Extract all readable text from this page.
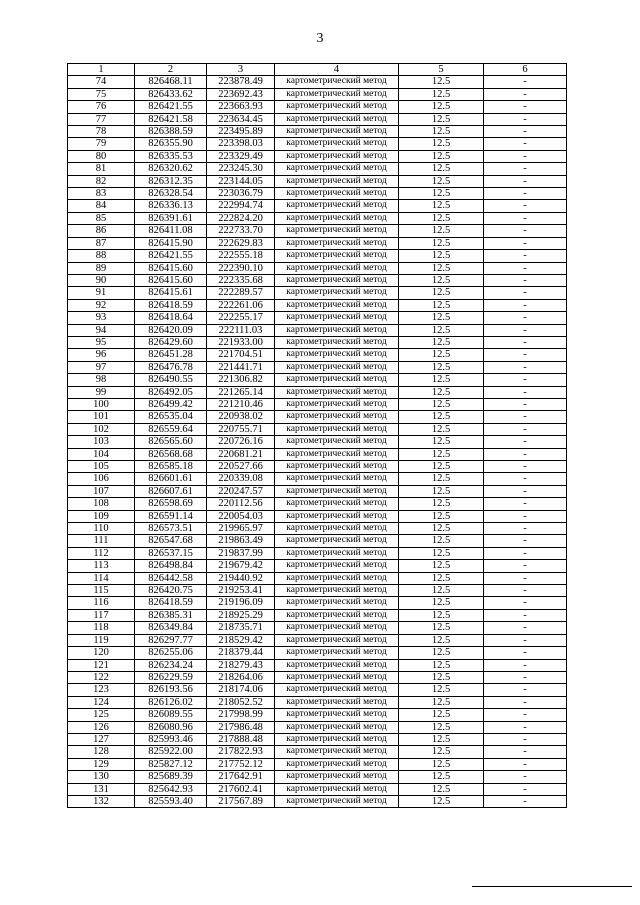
3
1	2	3	4	5	6
74	826468.11	223878.49	картометрический метод	12.5	-
75	826433.62	223692.43	картометрический метод	12.5	-
76	826421.55	223663.93	картометрический метод	12.5	-
77	826421.58	223634.45	картометрический метод	12.5	-
78	826388.59	223495.89	картометрический метод	12.5	-
79	826355.90	223398.03	картометрический метод	12.5	-
80	826335.53	223329.49	картометрический метод	12.5	-
81	826320.62	223245.30	картометрический метод	12.5	-
82	826312.35	223144.05	картометрический метод	12.5	-
83	826328.54	223036.79	картометрический метод	12.5	-
84	826336.13	222994.74	картометрический метод	12.5	-
85	826391.61	222824.20	картометрический метод	12.5	-
86	826411.08	222733.70	картометрический метод	12.5	-
87	826415.90	222629.83	картометрический метод	12.5	-
88	826421.55	222555.18	картометрический метод	12.5	-
89	826415.60	222390.10	картометрический метод	12.5	-
90	826415.60	222335.68	картометрический метод	12.5	-
91	826415.61	222289.57	картометрический метод	12.5	-
92	826418.59	222261.06	картометрический метод	12.5	-
93	826418.64	222255.17	картометрический метод	12.5	-
94	826420.09	222111.03	картометрический метод	12.5	-
95	826429.60	221933.00	картометрический метод	12.5	-
96	826451.28	221704.51	картометрический метод	12.5	-
97	826476.78	221441.71	картометрический метод	12.5	-
98	826490.55	221306.82	картометрический метод	12.5	-
99	826492.05	221265.14	картометрический метод	12.5	-
100	826499.42	221210.46	картометрический метод	12.5	-
101	826535.04	220938.02	картометрический метод	12.5	-
102	826559.64	220755.71	картометрический метод	12.5	-
103	826565.60	220726.16	картометрический метод	12.5	-
104	826568.68	220681.21	картометрический метод	12.5	-
105	826585.18	220527.66	картометрический метод	12.5	-
106	826601.61	220339.08	картометрический метод	12.5	-
107	826607.61	220247.57	картометрический метод	12.5	-
108	826598.69	220112.56	картометрический метод	12.5	-
109	826591.14	220054.03	картометрический метод	12.5	-
110	826573.51	219965.97	картометрический метод	12.5	-
111	826547.68	219863.49	картометрический метод	12.5	-
112	826537.15	219837.99	картометрический метод	12.5	-
113	826498.84	219679.42	картометрический метод	12.5	-
114	826442.58	219440.92	картометрический метод	12.5	-
115	826420.75	219253.41	картометрический метод	12.5	-
116	826418.59	219196.09	картометрический метод	12.5	-
117	826385.31	218925.29	картометрический метод	12.5	-
118	826349.84	218735.71	картометрический метод	12.5	-
119	826297.77	218529.42	картометрический метод	12.5	-
120	826255.06	218379.44	картометрический метод	12.5	-
121	826234.24	218279.43	картометрический метод	12.5	-
122	826229.59	218264.06	картометрический метод	12.5	-
123	826193.56	218174.06	картометрический метод	12.5	-
124	826126.02	218052.52	картометрический метод	12.5	-
125	826089.55	217998.99	картометрический метод	12.5	-
126	826080.96	217986.48	картометрический метод	12.5	-
127	825993.46	217888.48	картометрический метод	12.5	-
128	825922.00	217822.93	картометрический метод	12.5	-
129	825827.12	217752.12	картометрический метод	12.5	-
130	825689.39	217642.91	картометрический метод	12.5	-
131	825642.93	217602.41	картометрический метод	12.5	-
132	825593.40	217567.89	картометрический метод	12.5	-
